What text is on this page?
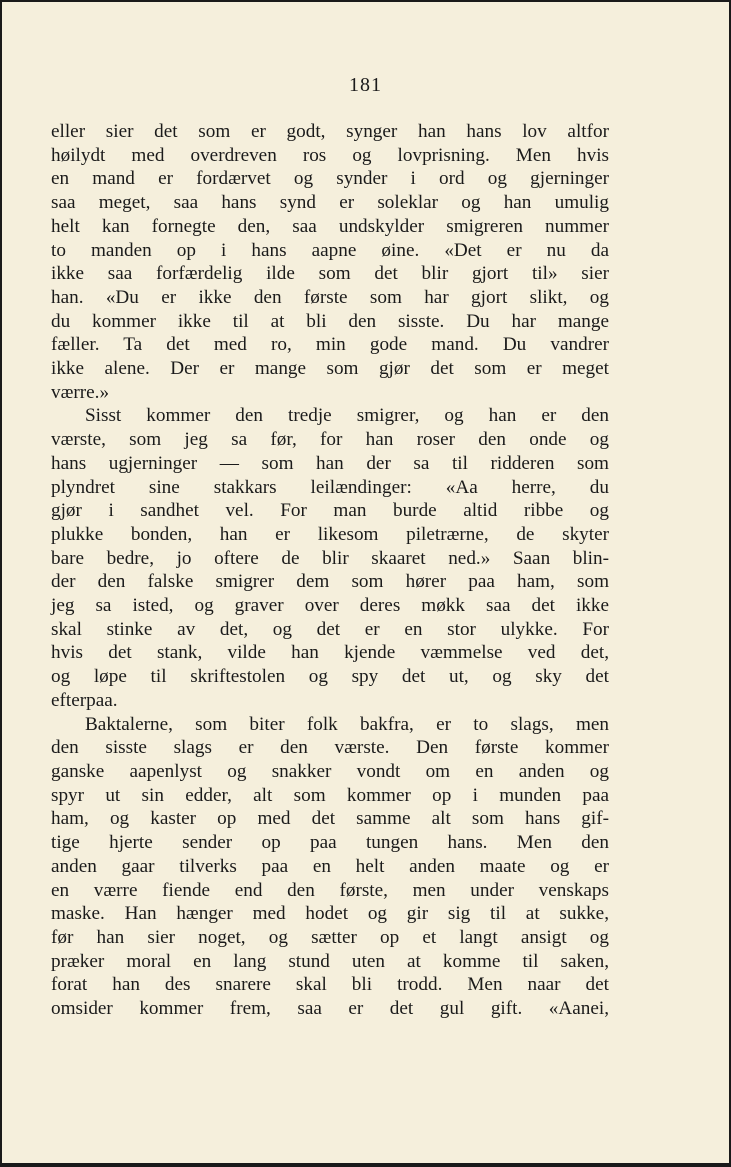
181
eller sier det som er godt, synger han hans lov altfor
høilydt med overdreven ros og lovprisning. Men hvis
en mand er fordærvet og synder i ord og gjerninger
saa meget, saa hans synd er soleklar og han umulig
helt kan fornegte den, saa undskylder smigreren nummer
to manden op i hans aapne øine. «Det er nu da
ikke saa forfærdelig ilde som det blir gjort til» sier
han. «Du er ikke den første som har gjort slikt, og
du kommer ikke til at bli den sisste. Du har mange
fæller. Ta det med ro, min gode mand. Du vandrer
ikke alene. Der er mange som gjør det som er meget
værre.»
Sisst kommer den tredje smigrer, og han er den
værste, som jeg sa før, for han roser den onde og
hans ugjerninger — som han der sa til ridderen som
plyndret sine stakkars leilændinger: «Aa herre, du
gjør i sandhet vel. For man burde altid ribbe og
plukke bonden, han er likesom piletrærne, de skyter
bare bedre, jo oftere de blir skaaret ned.» Saan blin-
der den falske smigrer dem som hører paa ham, som
jeg sa isted, og graver over deres møkk saa det ikke
skal stinke av det, og det er en stor ulykke. For
hvis det stank, vilde han kjende væmmelse ved det,
og løpe til skriftestolen og spy det ut, og sky det
efterpaa.
Baktalerne, som biter folk bakfra, er to slags, men
den sisste slags er den værste. Den første kommer
ganske aapenlyst og snakker vondt om en anden og
spyr ut sin edder, alt som kommer op i munden paa
ham, og kaster op med det samme alt som hans gif-
tige hjerte sender op paa tungen hans. Men den
anden gaar tilverks paa en helt anden maate og er
en værre fiende end den første, men under venskaps
maske. Han hænger med hodet og gir sig til at sukke,
før han sier noget, og sætter op et langt ansigt og
præker moral en lang stund uten at komme til saken,
forat han des snarere skal bli trodd. Men naar det
omsider kommer frem, saa er det gul gift. «Aanei,
